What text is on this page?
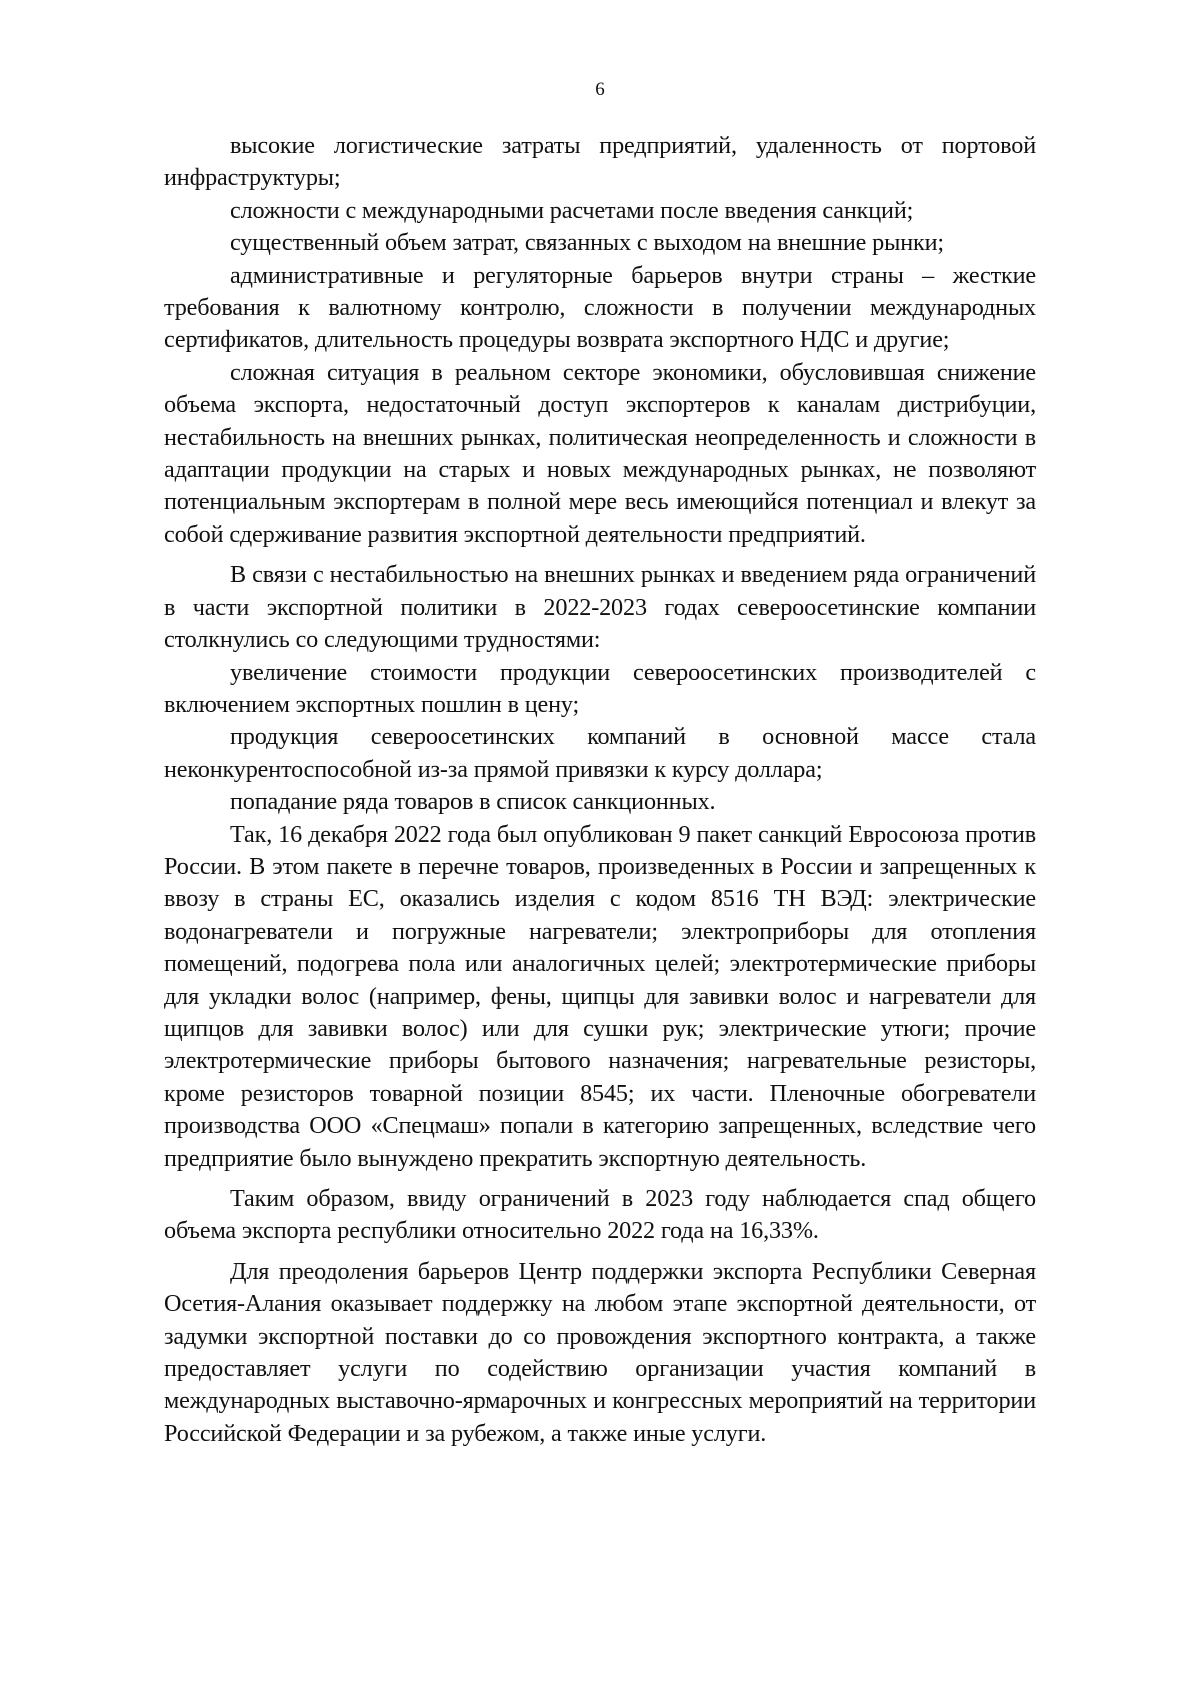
6

высокие логистические затраты предприятий, удаленность от портовой инфраструктуры;

сложности с международными расчетами после введения санкций;

существенный объем затрат, связанных с выходом на внешние рынки;

административные и регуляторные барьеров внутри страны – жесткие требования к валютному контролю, сложности в получении международных сертификатов, длительность процедуры возврата экспортного НДС и другие;

сложная ситуация в реальном секторе экономики, обусловившая снижение объема экспорта, недостаточный доступ экспортеров к каналам дистрибуции, нестабильность на внешних рынках, политическая неопределенность и сложности в адаптации продукции на старых и новых международных рынках, не позволяют потенциальным экспортерам в полной мере весь имеющийся потенциал и влекут за собой сдерживание развития экспортной деятельности предприятий.

В связи с нестабильностью на внешних рынках и введением ряда ограничений в части экспортной политики в 2022-2023 годах североосетинские компании столкнулись со следующими трудностями:

увеличение стоимости продукции североосетинских производителей с включением экспортных пошлин в цену;

продукция североосетинских компаний в основной массе стала неконкурентоспособной из-за прямой привязки к курсу доллара;

попадание ряда товаров в список санкционных.

Так, 16 декабря 2022 года был опубликован 9 пакет санкций Евросоюза против России. В этом пакете в перечне товаров, произведенных в России и запрещенных к ввозу в страны ЕС, оказались изделия с кодом 8516 ТН ВЭД: электрические водонагреватели и погружные нагреватели; электроприборы для отопления помещений, подогрева пола или аналогичных целей; электротермические приборы для укладки волос (например, фены, щипцы для завивки волос и нагреватели для щипцов для завивки волос) или для сушки рук; электрические утюги; прочие электротермические приборы бытового назначения; нагревательные резисторы, кроме резисторов товарной позиции 8545; их части. Пленочные обогреватели производства ООО «Спецмаш» попали в категорию запрещенных, вследствие чего предприятие было вынуждено прекратить экспортную деятельность.

Таким образом, ввиду ограничений в 2023 году наблюдается спад общего объема экспорта республики относительно 2022 года на 16,33%.

Для преодоления барьеров Центр поддержки экспорта Республики Северная Осетия-Алания оказывает поддержку на любом этапе экспортной деятельности, от задумки экспортной поставки до со провождения экспортного контракта, а также предоставляет услуги по содействию организации участия компаний в международных выставочно-ярмарочных и конгрессных мероприятий на территории Российской Федерации и за рубежом, а также иные услуги.
